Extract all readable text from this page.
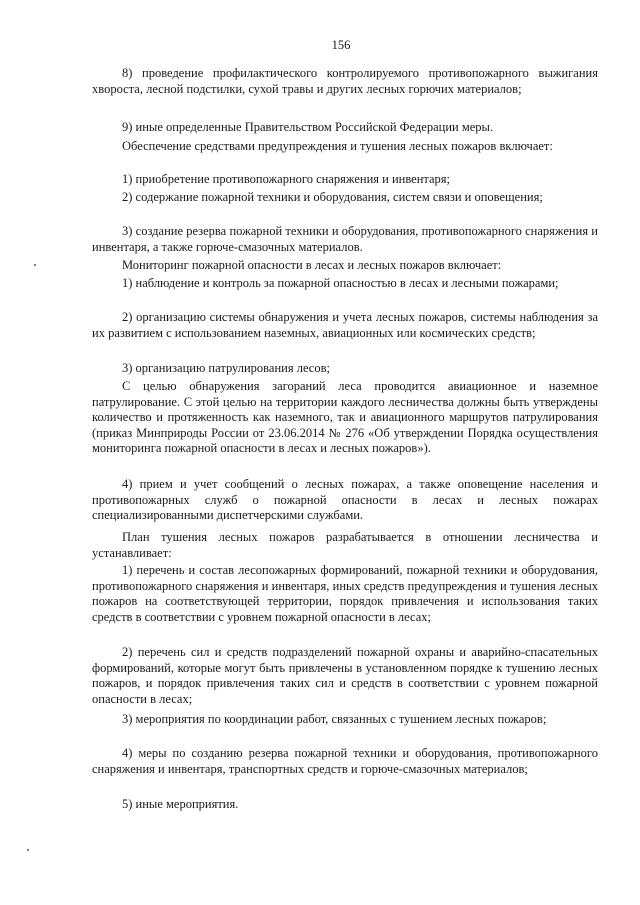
156
8) проведение профилактического контролируемого противопожарного выжигания хвороста, лесной подстилки, сухой травы и других лесных горючих материалов;
9) иные определенные Правительством Российской Федерации меры.
Обеспечение средствами предупреждения и тушения лесных пожаров включает:
1) приобретение противопожарного снаряжения и инвентаря;
2) содержание пожарной техники и оборудования, систем связи и оповещения;
3) создание резерва пожарной техники и оборудования, противопожарного снаряжения и инвентаря, а также горюче-смазочных материалов.
Мониторинг пожарной опасности в лесах и лесных пожаров включает:
1) наблюдение и контроль за пожарной опасностью в лесах и лесными пожарами;
2) организацию системы обнаружения и учета лесных пожаров, системы наблюдения за их развитием с использованием наземных, авиационных или космических средств;
3) организацию патрулирования лесов;
С целью обнаружения загораний леса проводится авиационное и наземное патрулирование. С этой целью на территории каждого лесничества должны быть утверждены количество и протяженность как наземного, так и авиационного маршрутов патрулирования (приказ Минприроды России от 23.06.2014 № 276 «Об утверждении Порядка осуществления мониторинга пожарной опасности в лесах и лесных пожаров»).
4) прием и учет сообщений о лесных пожарах, а также оповещение населения и противопожарных служб о пожарной опасности в лесах и лесных пожарах специализированными диспетчерскими службами.
План тушения лесных пожаров разрабатывается в отношении лесничества и устанавливает:
1) перечень и состав лесопожарных формирований, пожарной техники и оборудования, противопожарного снаряжения и инвентаря, иных средств предупреждения и тушения лесных пожаров на соответствующей территории, порядок привлечения и использования таких средств в соответствии с уровнем пожарной опасности в лесах;
2) перечень сил и средств подразделений пожарной охраны и аварийно-спасательных формирований, которые могут быть привлечены в установленном порядке к тушению лесных пожаров, и порядок привлечения таких сил и средств в соответствии с уровнем пожарной опасности в лесах;
3) мероприятия по координации работ, связанных с тушением лесных пожаров;
4) меры по созданию резерва пожарной техники и оборудования, противопожарного снаряжения и инвентаря, транспортных средств и горюче-смазочных материалов;
5) иные мероприятия.
